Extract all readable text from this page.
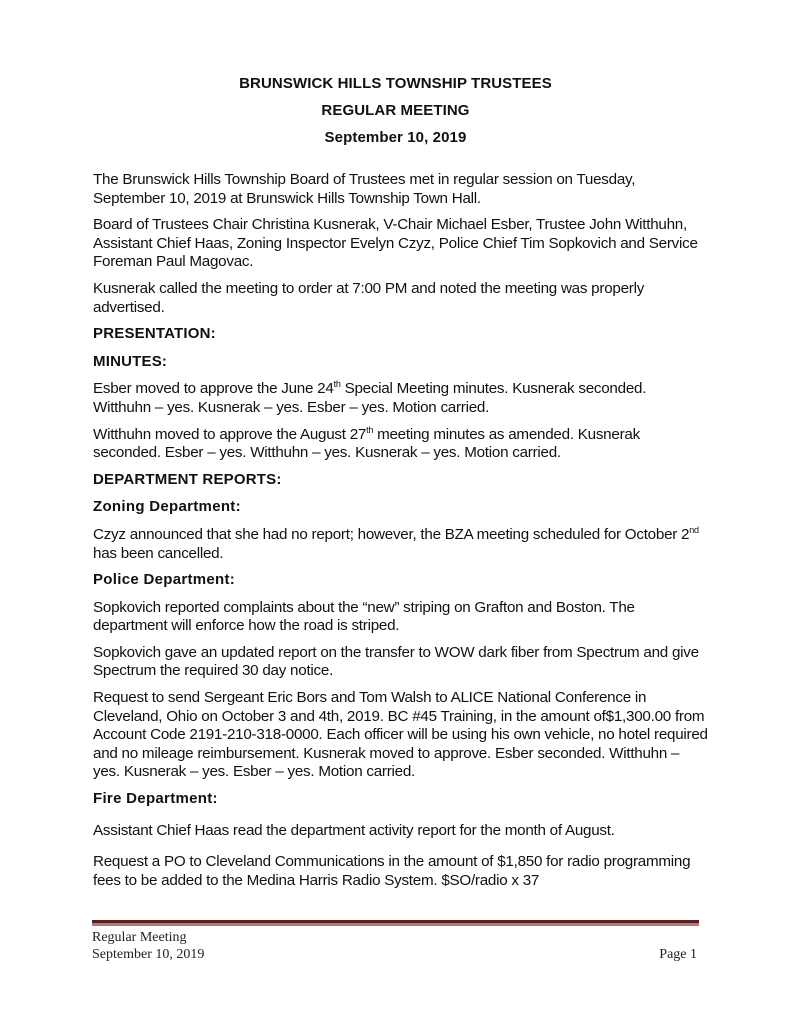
BRUNSWICK HILLS TOWNSHIP TRUSTEES
REGULAR MEETING
September 10, 2019

The Brunswick Hills Township Board of Trustees met in regular session on Tuesday, September 10, 2019 at Brunswick Hills Township Town Hall.

Board of Trustees Chair Christina Kusnerak, V-Chair Michael Esber, Trustee John Witthuhn, Assistant Chief Haas, Zoning Inspector Evelyn Czyz, Police Chief Tim Sopkovich and Service Foreman Paul Magovac.

Kusnerak called the meeting to order at 7:00 PM and noted the meeting was properly advertised.

PRESENTATION:
MINUTES:

Esber moved to approve the June 24th Special Meeting minutes. Kusnerak seconded. Witthuhn – yes. Kusnerak – yes. Esber – yes. Motion carried.

Witthuhn moved to approve the August 27th meeting minutes as amended. Kusnerak seconded. Esber – yes. Witthuhn – yes. Kusnerak – yes. Motion carried.

DEPARTMENT REPORTS:
Zoning Department:

Czyz announced that she had no report; however, the BZA meeting scheduled for October 2nd has been cancelled.

Police Department:

Sopkovich reported complaints about the “new” striping on Grafton and Boston. The department will enforce how the road is striped.

Sopkovich gave an updated report on the transfer to WOW dark fiber from Spectrum and give Spectrum the required 30 day notice.

Request to send Sergeant Eric Bors and Tom Walsh to ALICE National Conference in Cleveland, Ohio on October 3 and 4th, 2019. BC #45 Training, in the amount of$1,300.00 from Account Code 2191-210-318-0000. Each officer will be using his own vehicle, no hotel required and no mileage reimbursement. Kusnerak moved to approve. Esber seconded. Witthuhn – yes. Kusnerak – yes. Esber – yes. Motion carried.

Fire Department:

Assistant Chief Haas read the department activity report for the month of August.

Request a PO to Cleveland Communications in the amount of $1,850 for radio programming fees to be added to the Medina Harris Radio System. $SO/radio x 37

Regular Meeting
September 10, 2019	Page 1
